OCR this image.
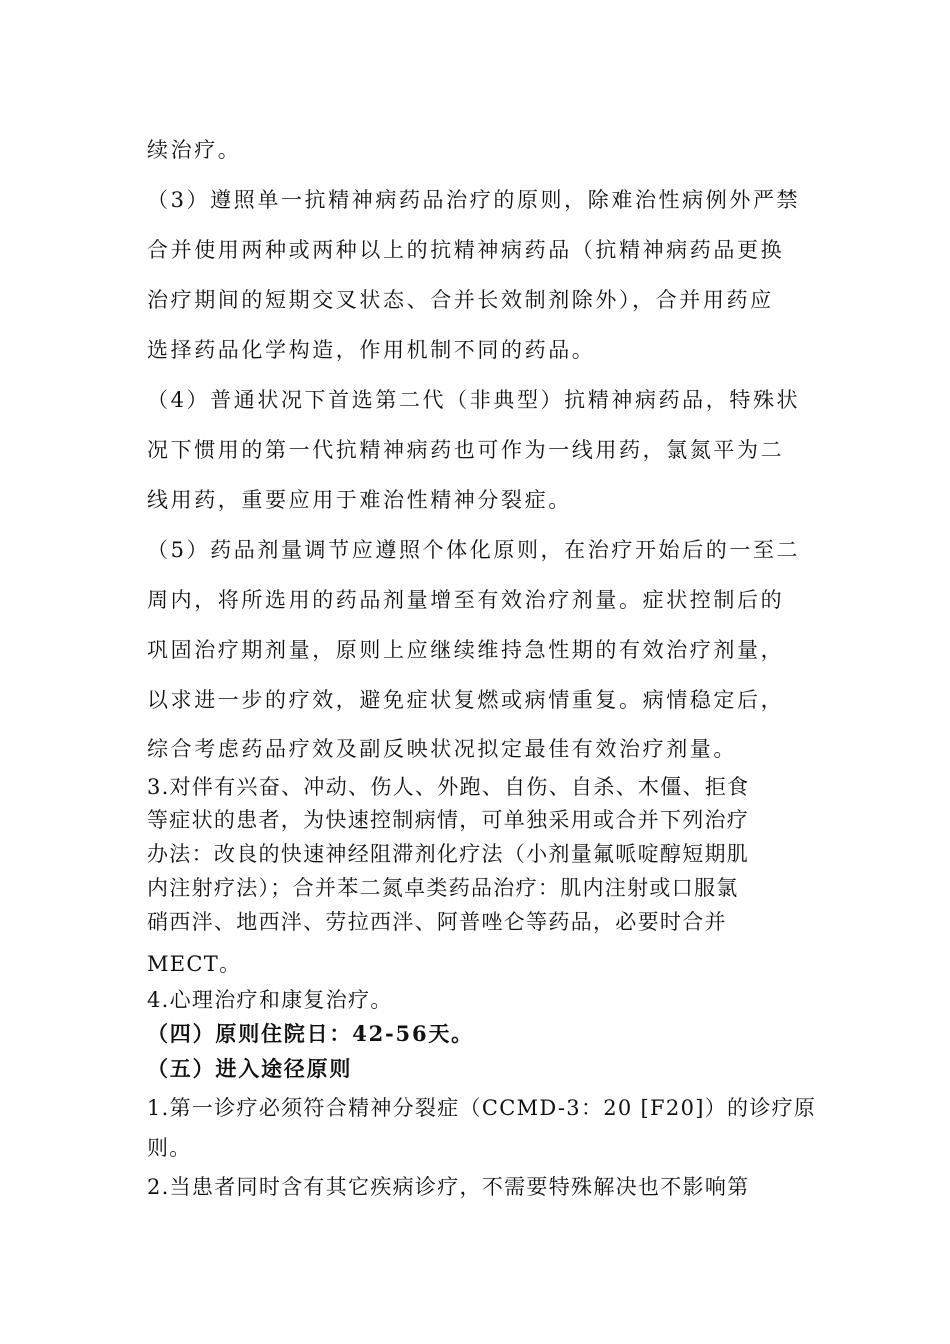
续治疗。
（3）遵照单一抗精神病药品治疗的原则，除难治性病例外严禁
合并使用两种或两种以上的抗精神病药品（抗精神病药品更换
治疗期间的短期交叉状态、合并长效制剂除外），合并用药应
选择药品化学构造，作用机制不同的药品。
（4）普通状况下首选第二代（非典型）抗精神病药品，特殊状
况下惯用的第一代抗精神病药也可作为一线用药，氯氮平为二
线用药，重要应用于难治性精神分裂症。
（5）药品剂量调节应遵照个体化原则，在治疗开始后的一至二
周内，将所选用的药品剂量增至有效治疗剂量。症状控制后的
巩固治疗期剂量，原则上应继续维持急性期的有效治疗剂量，
以求进一步的疗效，避免症状复燃或病情重复。病情稳定后，
综合考虑药品疗效及副反映状况拟定最佳有效治疗剂量。
3.对伴有兴奋、冲动、伤人、外跑、自伤、自杀、木僵、拒食
等症状的患者，为快速控制病情，可单独采用或合并下列治疗
办法：改良的快速神经阻滞剂化疗法（小剂量氟哌啶醇短期肌
内注射疗法）；合并苯二氮卓类药品治疗：肌内注射或口服氯
硝西泮、地西泮、劳拉西泮、阿普唑仑等药品，必要时合并
MECT。
4.心理治疗和康复治疗。
（四）原则住院日：42-56天。
（五）进入途径原则
1.第一诊疗必须符合精神分裂症（CCMD-3：20 [F20]）的诊疗原
则。
2.当患者同时含有其它疾病诊疗，不需要特殊解决也不影响第
